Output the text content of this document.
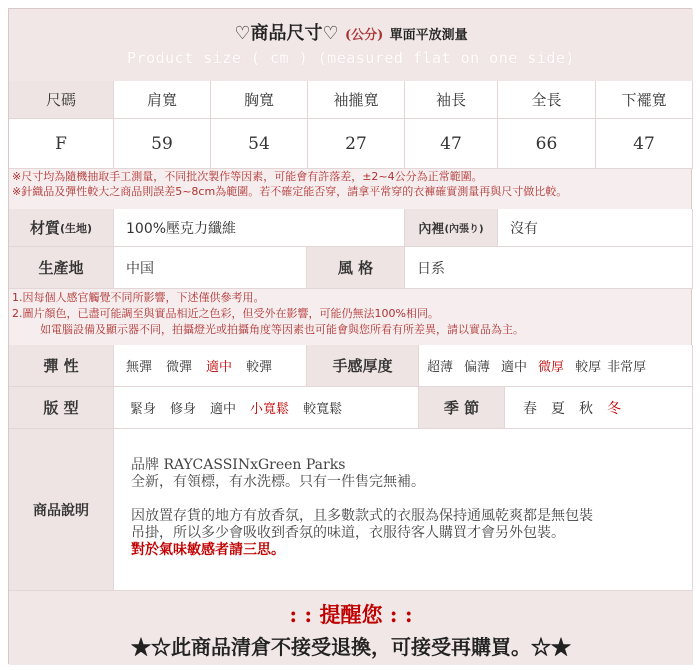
♡商品尺寸♡ (公分) 單面平放測量
Product size ( cm ) (measured flat on one side)
尺碼	肩寬	胸寬	袖攏寬	袖長	全長	下襬寬
F	59	54	27	47	66	47
※尺寸均為隨機抽取手工測量，不同批次製作等因素，可能會有許落差，±2~4公分為正常範圍。
※針織品及彈性較大之商品則誤差5~8cm為範圍。若不確定能否穿，請拿平常穿的衣褲確實測量再與尺寸做比較。
材質 (生地)	100%壓克力纖維	內裡 (內張り)	沒有
生產地	中国	風 格	日系
1.因每個人感官觸覺不同所影響，下述僅供參考用。
2.圖片顏色，已盡可能調至與實品相近之色彩，但受外在影響，可能仍無法100%相同。
如電腦設備及顯示器不同，拍攝燈光或拍攝角度等因素也可能會與您所看有所差異，請以實品為主。
彈 性	無彈 微彈 適中 較彈	手感厚度	超薄 偏薄 適中 微厚 較厚 非常厚
版 型	緊身 修身 適中 小寬鬆 較寬鬆	季 節	春 夏 秋 冬
商品說明
品牌 RAYCASSINxGreen Parks
全新，有領標，有水洗標。只有一件售完無補。
因放置存貨的地方有放香氛，且多數款式的衣服為保持通風乾爽都是無包裝
吊掛，所以多少會吸收到香氛的味道，衣服待客人購買才會另外包裝。
對於氣味敏感者請三思。
: : 提醒您 : :
★☆此商品清倉不接受退換，可接受再購買。☆★
